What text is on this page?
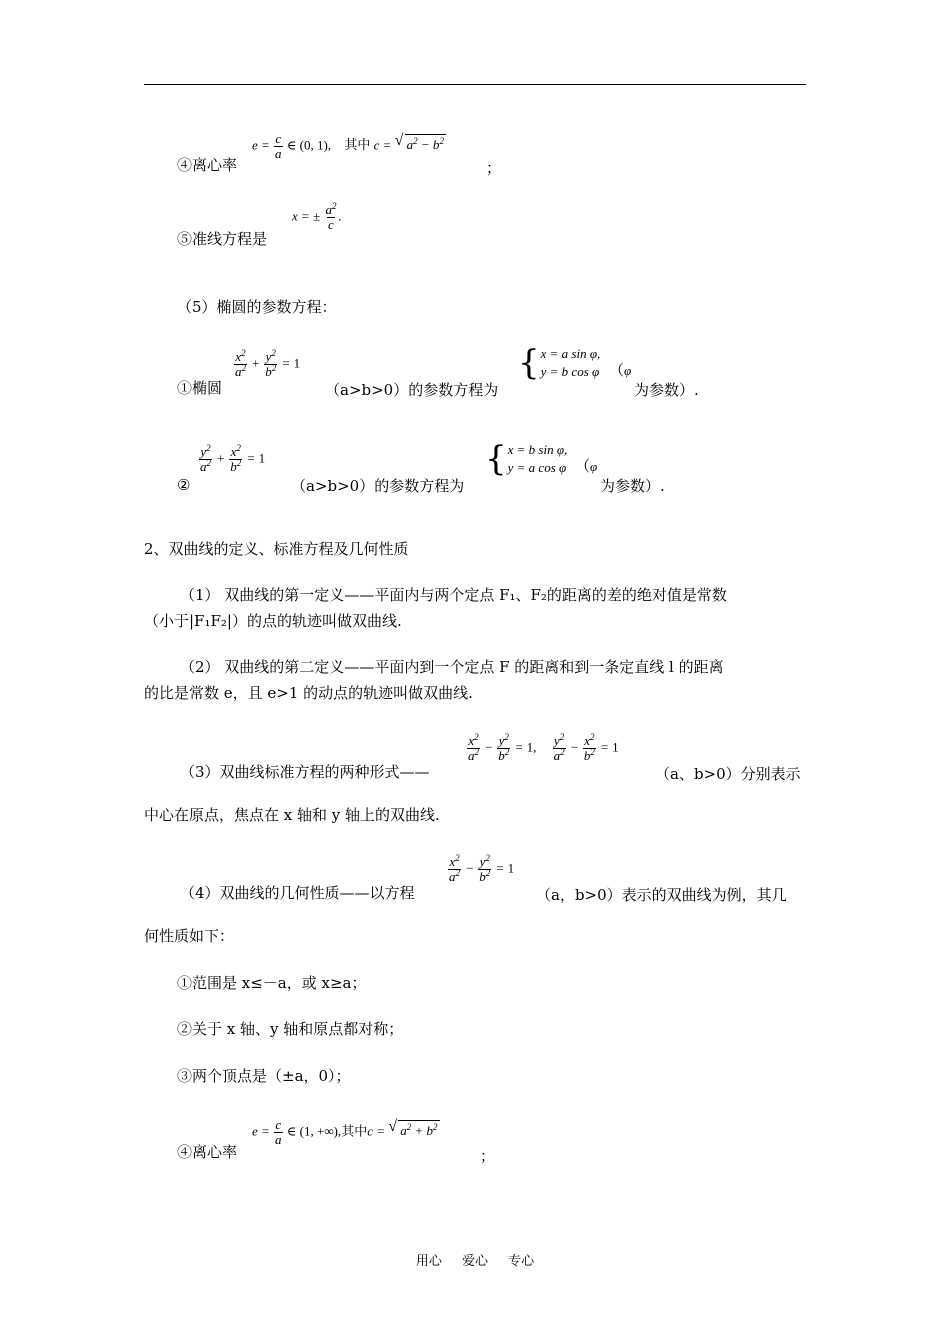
④离心率
$e = \frac{c}{a}$ ∈ (0, 1), 其中 c = √ $a^2 - b^2$
；
⑤准线方程是
x = ± $\frac{a^2}{c}$ .
（5）椭圆的参数方程：
①椭圆
$\frac{x^2}{a^2} + \frac{y^2}{b^2} = 1$
（a>b>0）的参数方程为
{ x = a sin φ,
y = b cos φ （φ
为参数）.
②
$\frac{y^2}{a^2} + \frac{x^2}{b^2} = 1$
（a>b>0）的参数方程为
{ x = b sin φ,
y = a cos φ （φ
为参数）.
2、双曲线的定义、标准方程及几何性质
（1） 双曲线的第一定义——平面内与两个定点 F₁、F₂的距离的差的绝对值是常数
（小于|F₁F₂|）的点的轨迹叫做双曲线.
（2） 双曲线的第二定义——平面内到一个定点 F 的距离和到一条定直线 l 的距离
的比是常数 e，且 e>1 的动点的轨迹叫做双曲线.
（3）双曲线标准方程的两种形式——
$\frac{x^2}{a^2} - \frac{y^2}{b^2} = 1$, $\frac{y^2}{a^2} - \frac{x^2}{b^2} = 1$
（a、b>0）分别表示
中心在原点，焦点在 x 轴和 y 轴上的双曲线.
（4）双曲线的几何性质——以方程
$\frac{x^2}{a^2} - \frac{y^2}{b^2} = 1$
（a，b>0）表示的双曲线为例，其几
何性质如下：
①范围是 x≤－a，或 x≥a；
②关于 x 轴、y 轴和原点都对称；
③两个顶点是（±a，0）；
④离心率
$e = \frac{c}{a}$ ∈ (1, +∞),其中c = √ $a^2 + b^2$
；
用心 爱心 专心
